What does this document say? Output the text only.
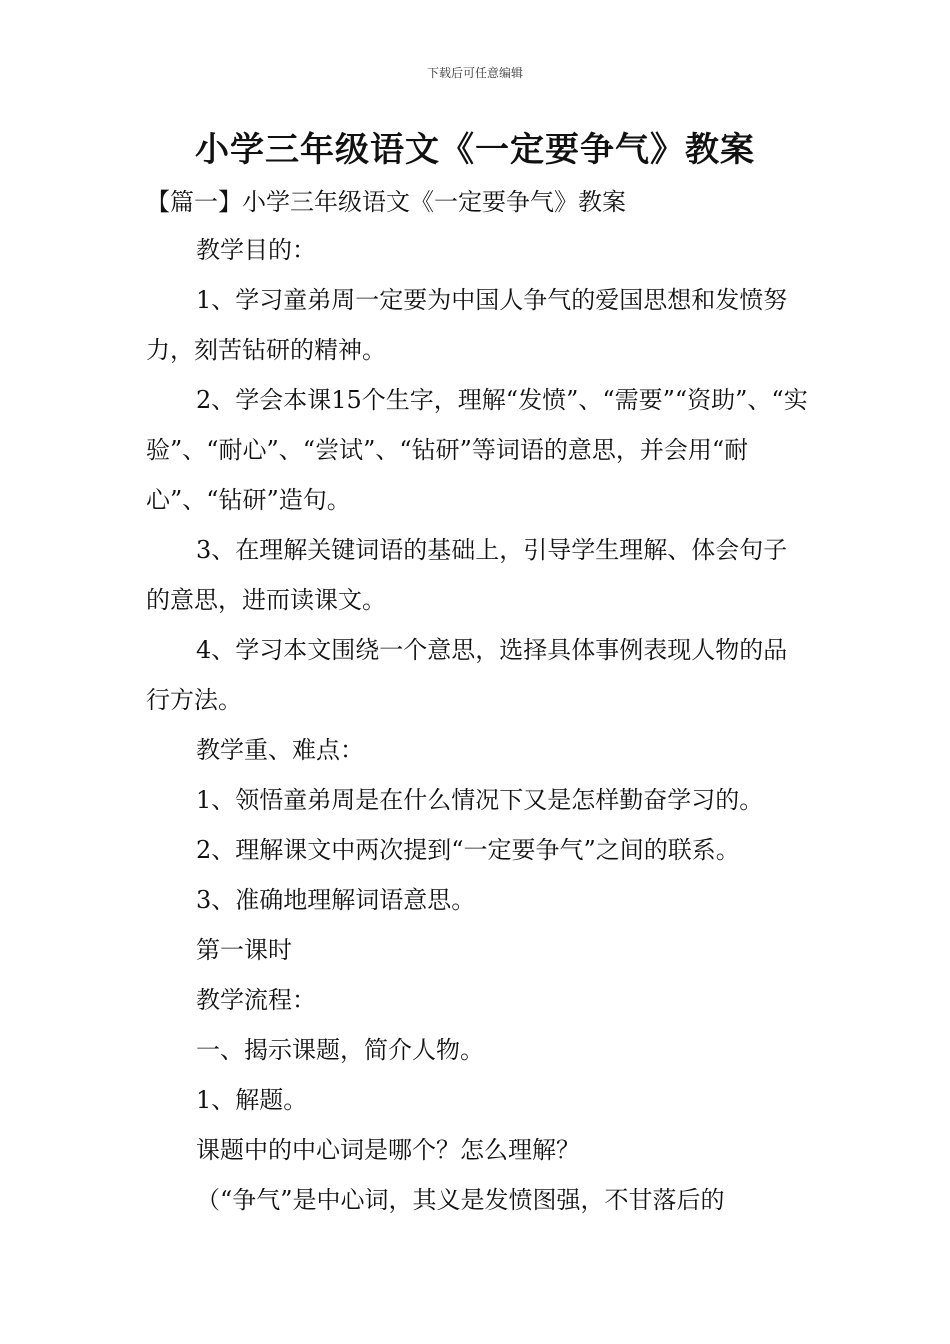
下载后可任意编辑
小学三年级语文《一定要争气》教案

【篇一】小学三年级语文《一定要争气》教案

教学目的：

1、学习童弟周一定要为中国人争气的爱国思想和发愤努力，刻苦钻研的精神。

2、学会本课15个生字，理解“发愤”、“需要”“资助”、“实验”、“耐心”、“尝试”、“钻研”等词语的意思，并会用“耐心”、“钻研”造句。

3、在理解关键词语的基础上，引导学生理解、体会句子的意思，进而读课文。

4、学习本文围绕一个意思，选择具体事例表现人物的品行方法。

教学重、难点：

1、领悟童弟周是在什么情况下又是怎样勤奋学习的。

2、理解课文中两次提到“一定要争气”之间的联系。

3、准确地理解词语意思。

第一课时

教学流程：

一、揭示课题，简介人物。

1、解题。

课题中的中心词是哪个？怎么理解？

（“争气”是中心词，其义是发愤图强，不甘落后的
